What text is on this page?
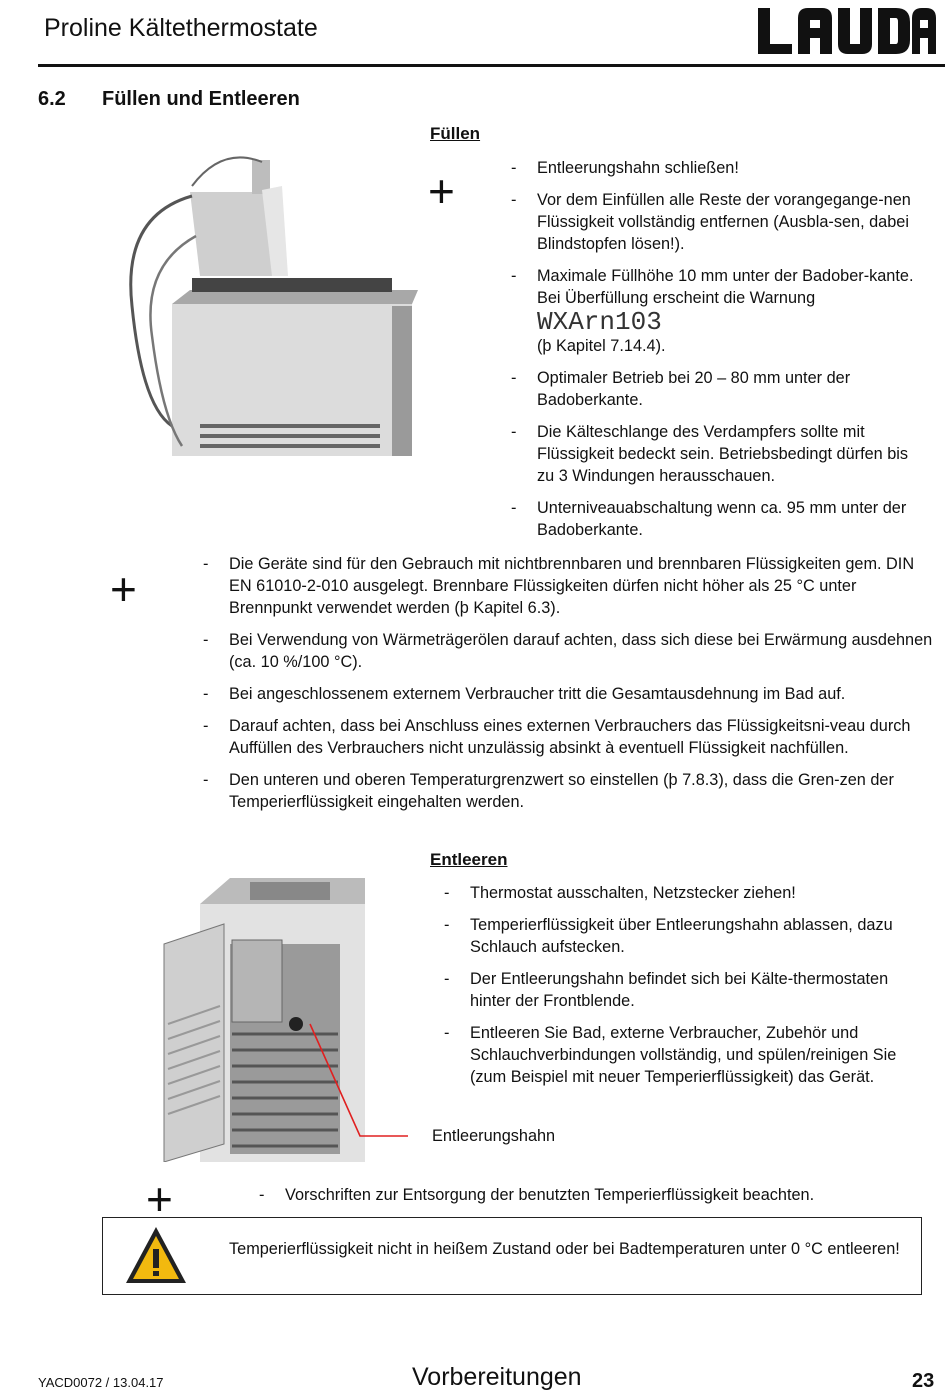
Proline Kältethermostate
6.2 Füllen und Entleeren
Füllen
+	- Entleerungshahn schließen!
- Vor dem Einfüllen alle Reste der vorangegange-nen Flüssigkeit vollständig entfernen (Ausbla-sen, dabei Blindstopfen lösen!).
- Maximale Füllhöhe 10 mm unter der Badober-kante. Bei Überfüllung erscheint die Warnung
WXArn103
(þ Kapitel 7.14.4).
- Optimaler Betrieb bei 20 – 80 mm unter der Badoberkante.
- Die Kälteschlange des Verdampfers sollte mit Flüssigkeit bedeckt sein. Betriebsbedingt dürfen bis zu 3 Windungen herausschauen.
- Unterniveauabschaltung wenn ca. 95 mm unter der Badoberkante.
+	- Die Geräte sind für den Gebrauch mit nichtbrennbaren und brennbaren Flüssigkeiten gem. DIN EN 61010-2-010 ausgelegt. Brennbare Flüssigkeiten dürfen nicht höher als 25 °C unter Brennpunkt verwendet werden (þ Kapitel 6.3).
- Bei Verwendung von Wärmeträgerölen darauf achten, dass sich diese bei Erwärmung ausdehnen (ca. 10 %/100 °C).
- Bei angeschlossenem externem Verbraucher tritt die Gesamtausdehnung im Bad auf.
- Darauf achten, dass bei Anschluss eines externen Verbrauchers das Flüssigkeitsni-veau durch Auffüllen des Verbrauchers nicht unzulässig absinkt à eventuell Flüssigkeit nachfüllen.
- Den unteren und oberen Temperaturgrenzwert so einstellen (þ 7.8.3), dass die Gren-zen der Temperierflüssigkeit eingehalten werden.
Entleeren
- Thermostat ausschalten, Netzstecker ziehen!
- Temperierflüssigkeit über Entleerungshahn ablassen, dazu Schlauch aufstecken.
- Der Entleerungshahn befindet sich bei Kälte-thermostaten hinter der Frontblende.
- Entleeren Sie Bad, externe Verbraucher, Zubehör und Schlauchverbindungen vollständig, und spülen/reinigen Sie (zum Beispiel mit neuer Temperierflüssigkeit) das Gerät.
Entleerungshahn
+	- Vorschriften zur Entsorgung der benutzten Temperierflüssigkeit beachten.
Temperierflüssigkeit nicht in heißem Zustand oder bei Badtemperaturen unter 0 °C entleeren!
YACD0072 / 13.04.17	Vorbereitungen	23
